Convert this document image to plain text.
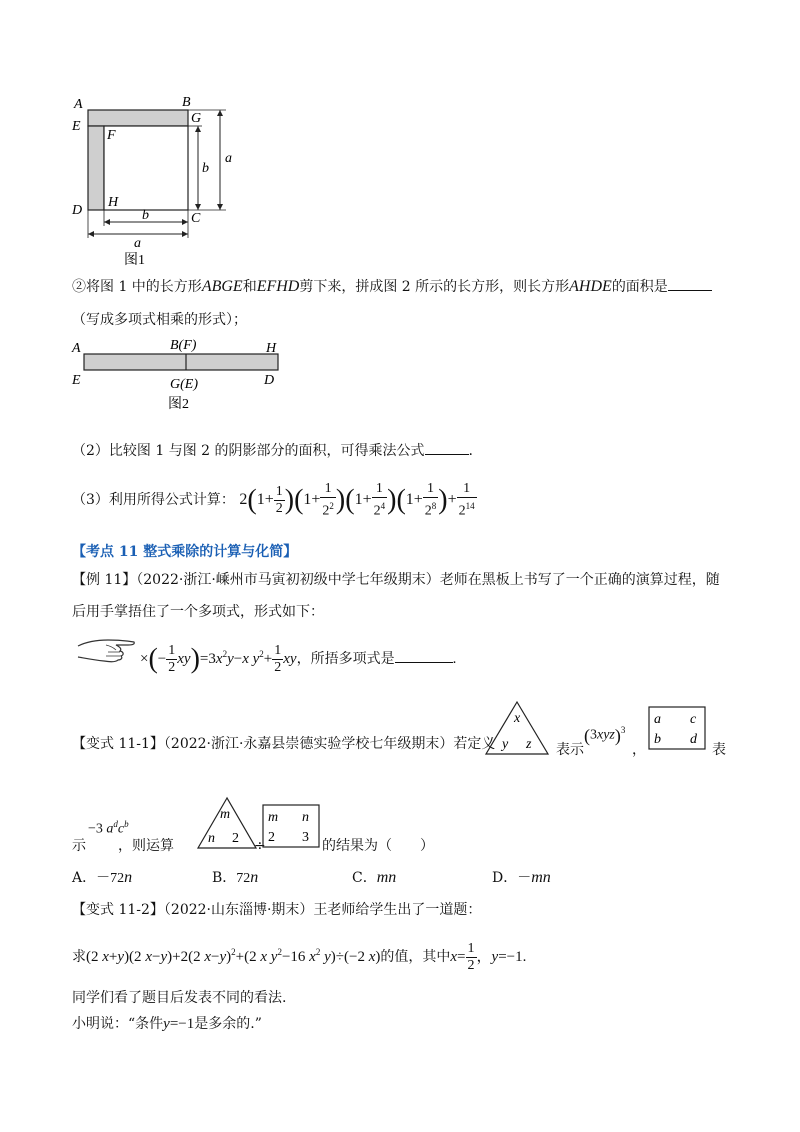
A	B
E
G
F
b
a
D
H
C
b
a
图1
②将图 1 中的长方形ABGE和EFHD剪下来，拼成图 2 所示的长方形，则长方形AHDE的面积是
（写成多项式相乘的形式）；
A	B(F)	H
E	G(E)	D
图2
（2）比较图 1 与图 2 的阴影部分的面积，可得乘法公式	.
（3）利用所得公式计算： $2(1+ \frac{1}{2} )(1+ \frac{1}{2^2} )(1+ \frac{1}{2^4} )(1+ \frac{1}{2^8}$ )+ $\frac{1}{2^{14}}$
【考点 11 整式乘除的计算与化简】
【例 11】（2022·浙江·嵊州市马寅初初级中学七年级期末）老师在黑板上书写了一个正确的演算过程，随
后用手掌捂住了一个多项式，形式如下：
×(− $\frac{1}{2} xy)=3x^2y-x$ $y^2+ \frac{1}{2}$ xy，所捂多项式是	.
【变式 11-1】（2022·浙江·永嘉县崇德实验学校七年级期末）若定义
x
y z 表示
$(3xyz)^3$
，
a c
b d
表
−3 $a^dc^b$
示 ，则运算
m
n 2 ÷
m n
2 3
的结果为（　　）
A．－72n	B．72n	C．mn	D．－mn
【变式 11-2】（2022·山东淄博·期末）王老师给学生出了一道题：
求(2 x+y)(2 x−y)+2(2 x−y)$^2$+(2 x $y^2-16$ $x^2$ y)÷(−2 x)的值，其中$x= \frac{1}{2}$ ，y=−1.
同学们看了题目后发表不同的看法.
小明说：“条件y=−1是多余的.”
